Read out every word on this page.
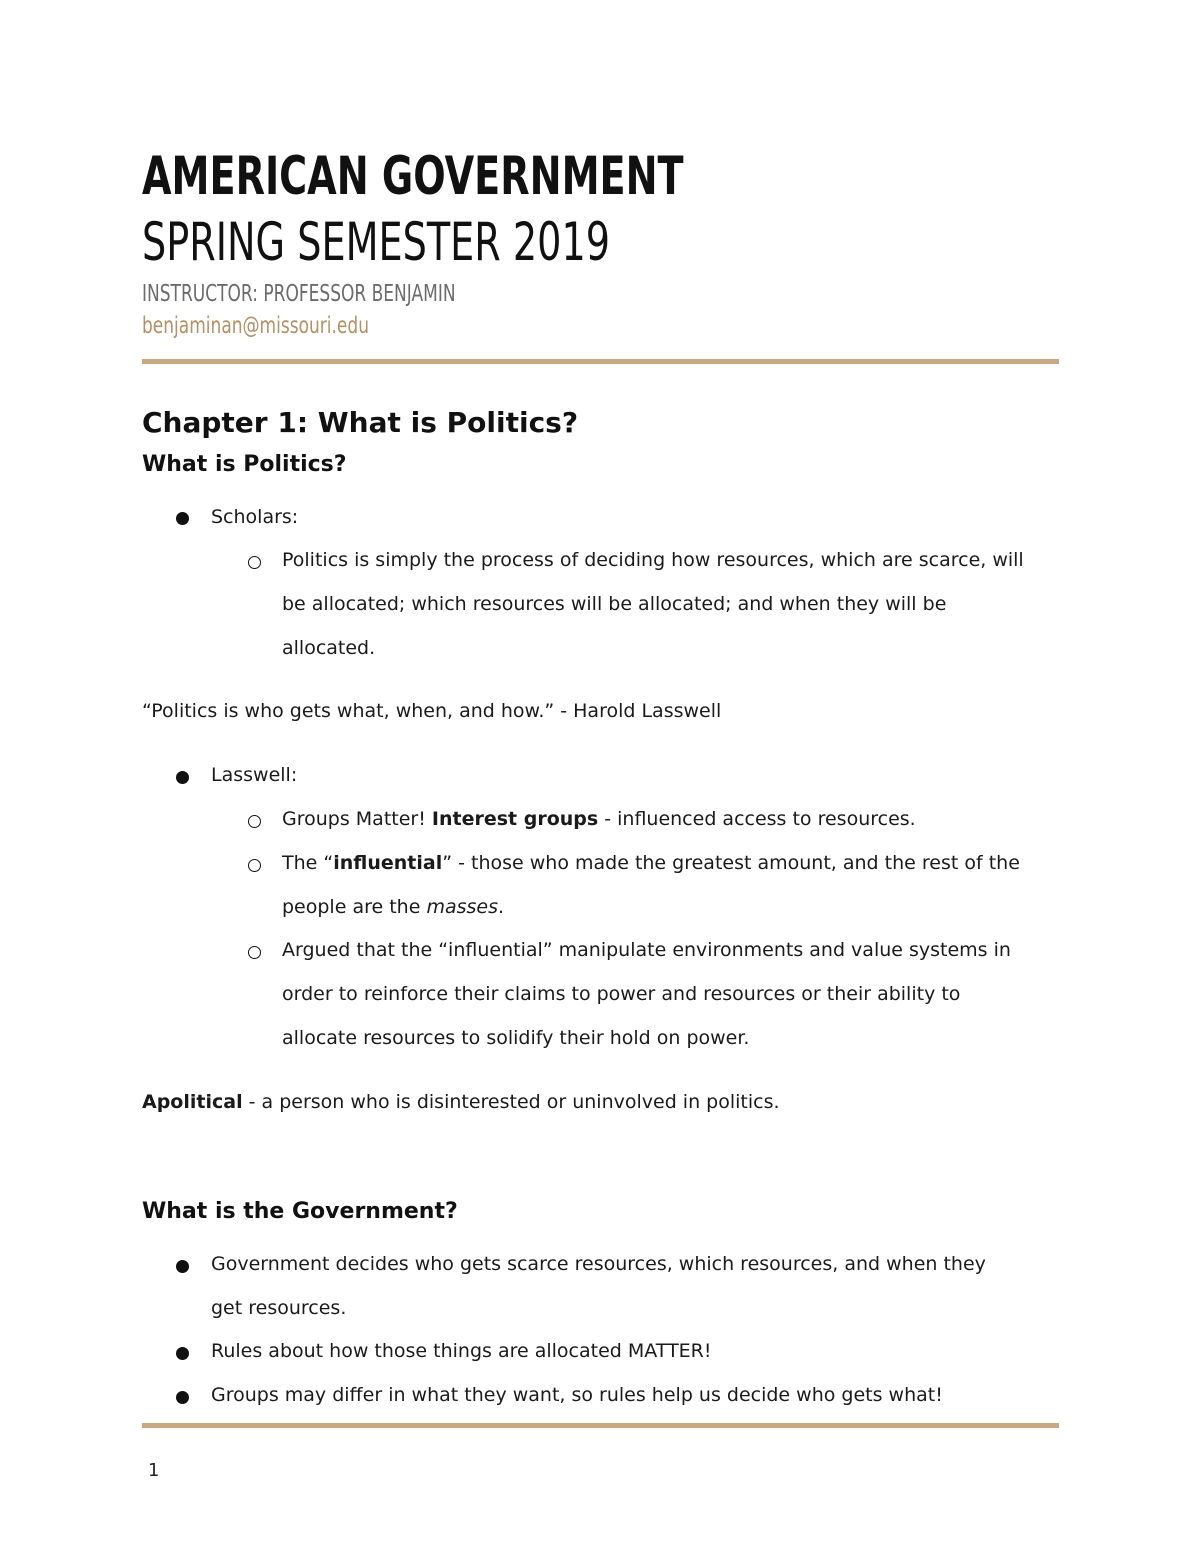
AMERICAN GOVERNMENT
SPRING SEMESTER 2019
INSTRUCTOR: PROFESSOR BENJAMIN
benjaminan@missouri.edu
Chapter 1: What is Politics?
What is Politics?
Scholars:
Politics is simply the process of deciding how resources, which are scarce, will
be allocated; which resources will be allocated; and when they will be
allocated.
“Politics is who gets what, when, and how.” - Harold Lasswell
Lasswell:
Groups Matter! Interest groups - influenced access to resources.
The “influential” - those who made the greatest amount, and the rest of the
people are the masses.
Argued that the “influential” manipulate environments and value systems in
order to reinforce their claims to power and resources or their ability to
allocate resources to solidify their hold on power.
Apolitical - a person who is disinterested or uninvolved in politics.
What is the Government?
Government decides who gets scarce resources, which resources, and when they
get resources.
Rules about how those things are allocated MATTER!
Groups may differ in what they want, so rules help us decide who gets what!
1
